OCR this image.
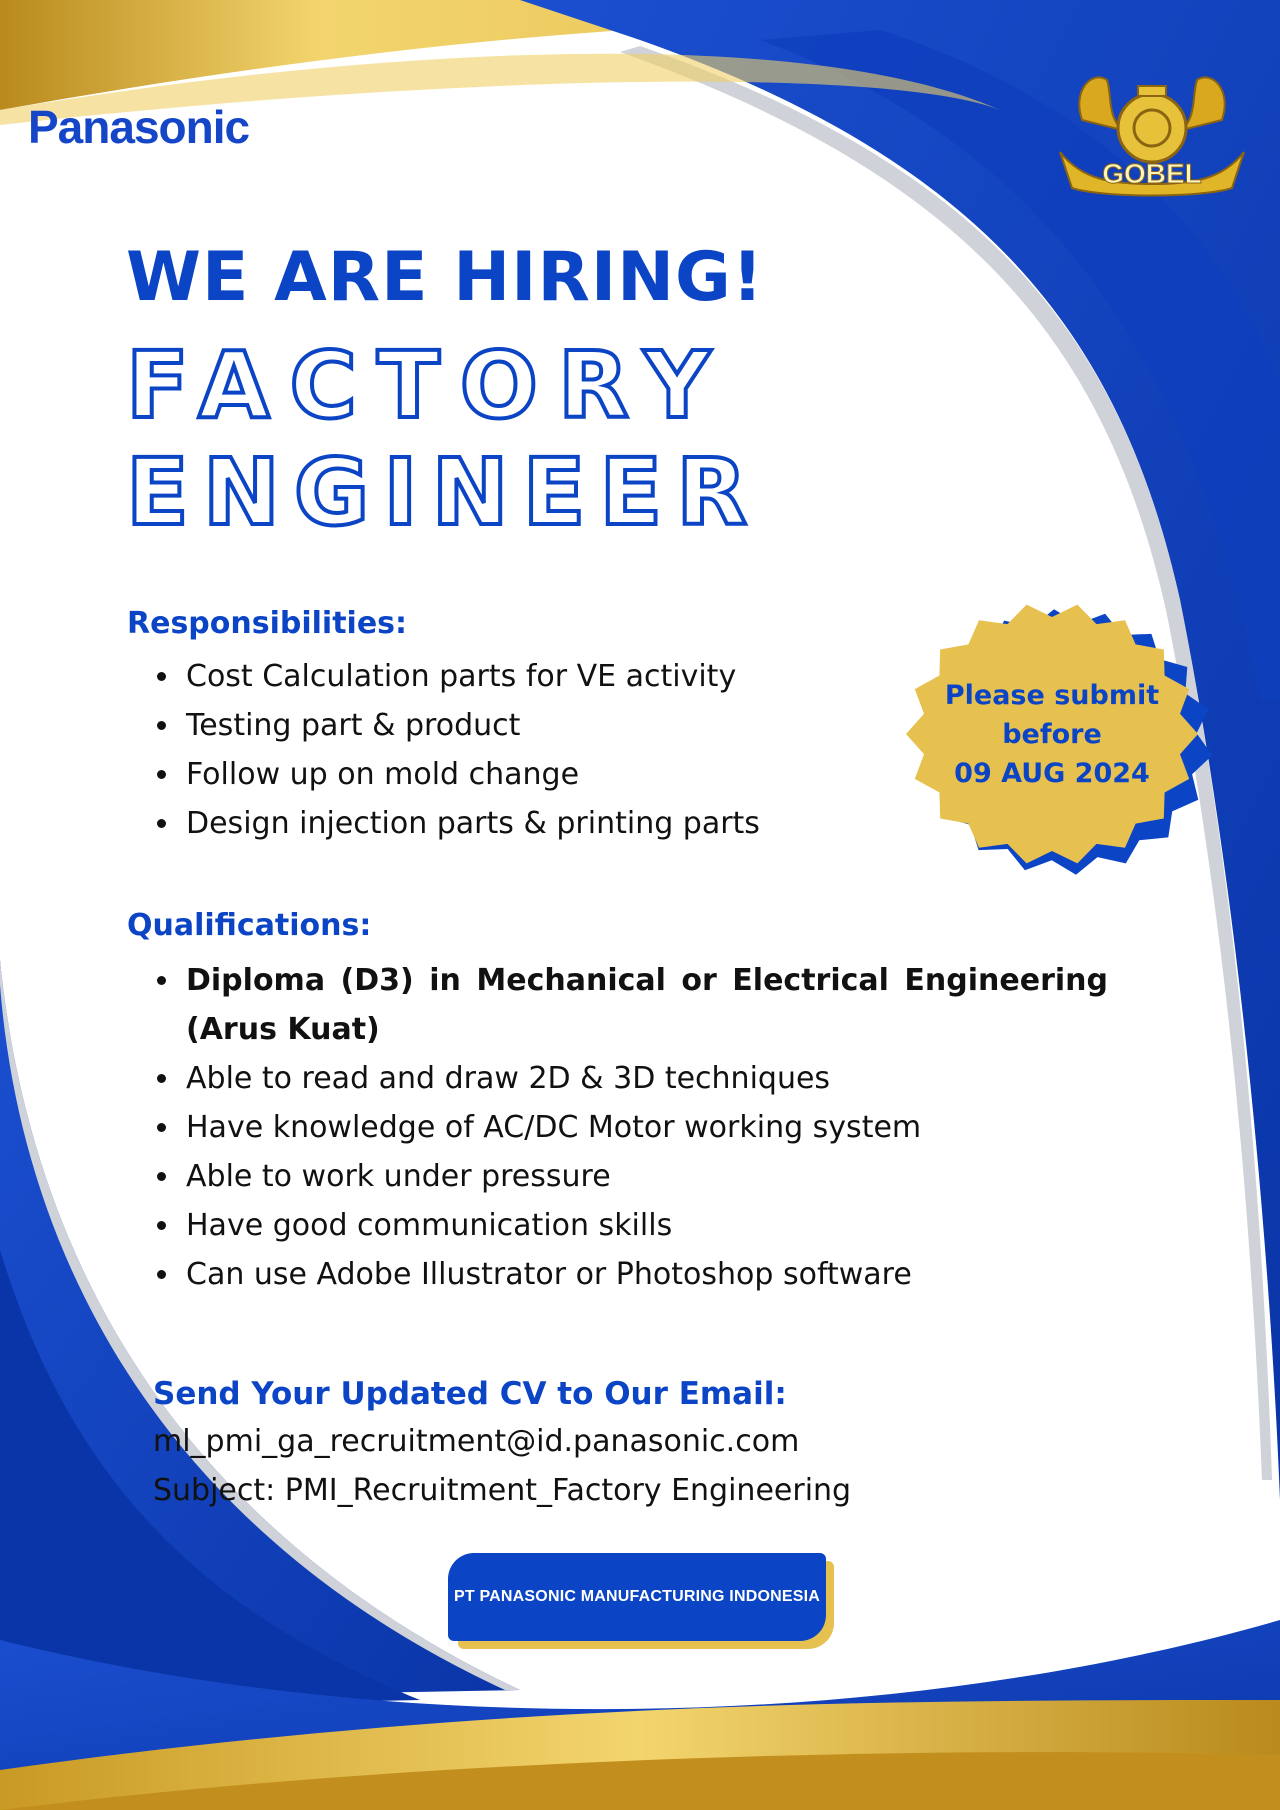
Panasonic
GOBEL
WE ARE HIRING!
FACTORY
ENGINEER
Responsibilities:
• Cost Calculation parts for VE activity
• Testing part & product
• Follow up on mold change
• Design injection parts & printing parts
Please submit
before
09 AUG 2024
Qualifications:
• Diploma (D3) in Mechanical or Electrical Engineering (Arus Kuat)
• Able to read and draw 2D & 3D techniques
• Have knowledge of AC/DC Motor working system
• Able to work under pressure
• Have good communication skills
• Can use Adobe Illustrator or Photoshop software
Send Your Updated CV to Our Email:
ml_pmi_ga_recruitment@id.panasonic.com
Subject: PMI_Recruitment_Factory Engineering
PT PANASONIC MANUFACTURING INDONESIA
